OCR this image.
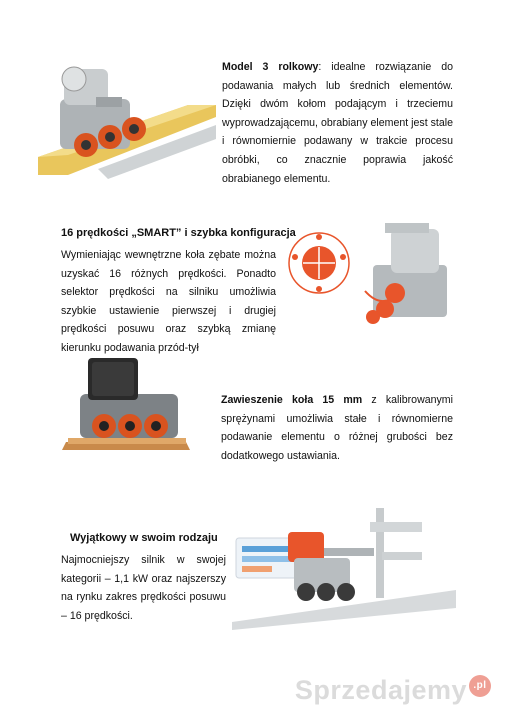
Model 3 rolkowy: idealne rozwiązanie do podawania małych lub średnich elementów. Dzięki dwóm kołom podającym i trzeciemu wyprowadzającemu, obrabiany element jest stale i równomiernie podawany w trakcie procesu obróbki, co znacznie poprawia jakość obrabianego elementu.

16 prędkości „SMART” i szybka konfiguracja

Wymieniając wewnętrzne koła zębate można uzyskać 16 różnych prędkości. Ponadto selektor prędkości na silniku umożliwia szybkie ustawienie pierwszej i drugiej prędkości posuwu oraz szybką zmianę kierunku podawania przód-tył

Zawieszenie koła 15 mm z kalibrowanymi sprężynami umożliwia stałe i równomierne podawanie elementu o różnej grubości bez dodatkowego ustawiania.

Wyjątkowy w swoim rodzaju

Najmocniejszy silnik w swojej kategorii – 1,1 kW oraz najszerszy na rynku zakres prędkości posuwu – 16 prędkości.

Sprzedajemy .pl
